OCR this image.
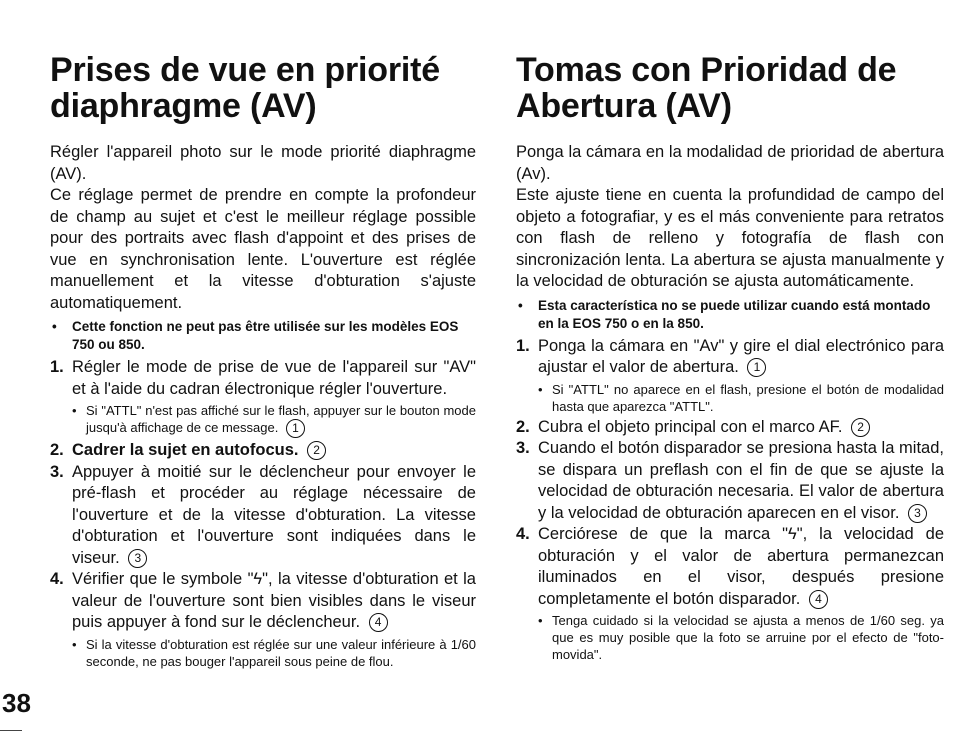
Prises de vue en priorité
diaphragme (AV)

Régler l'appareil photo sur le mode priorité diaphragme (AV).

Ce réglage permet de prendre en compte la profondeur de champ au sujet et c'est le meilleur réglage possible pour des portraits avec flash d'appoint et des prises de vue en synchronisation lente. L'ouverture est réglée manuellement et la vitesse d'obturation s'ajuste automatiquement.

• Cette fonction ne peut pas être utilisée sur les modèles EOS 750 ou 850.
1. Régler le mode de prise de vue de l'appareil sur "AV" et à l'aide du cadran électronique régler l'ouverture.
• Si "ATTL" n'est pas affiché sur le flash, appuyer sur le bouton mode jusqu'à affichage de ce message. 1
2. Cadrer la sujet en autofocus. 2
3. Appuyer à moitié sur le déclencheur pour envoyer le pré-flash et procéder au réglage nécessaire de l'ouverture et de la vitesse d'obturation. La vitesse d'obturation et l'ouverture sont indiquées dans le viseur. 3
4. Vérifier que le symbole "ϟ", la vitesse d'obturation et la valeur de l'ouverture sont bien visibles dans le viseur puis appuyer à fond sur le déclencheur. 4
• Si la vitesse d'obturation est réglée sur une valeur inférieure à 1/60 seconde, ne pas bouger l'appareil sous peine de flou.
Tomas con Prioridad de
Abertura (AV)

Ponga la cámara en la modalidad de prioridad de abertura (Av).

Este ajuste tiene en cuenta la profundidad de campo del objeto a fotografiar, y es el más conveniente para retratos con flash de relleno y fotografía de flash con sincronización lenta. La abertura se ajusta manualmente y la velocidad de obturación se ajusta automáticamente.

• Esta característica no se puede utilizar cuando está montado en la EOS 750 o en la 850.
1. Ponga la cámara en "Av" y gire el dial electrónico para ajustar el valor de abertura. 1
• Si "ATTL" no aparece en el flash, presione el botón de modalidad hasta que aparezca "ATTL".
2. Cubra el objeto principal con el marco AF. 2
3. Cuando el botón disparador se presiona hasta la mitad, se dispara un preflash con el fin de que se ajuste la velocidad de obturación necesaria. El valor de abertura y la velocidad de obturación aparecen en el visor. 3
4. Cerciórese de que la marca "ϟ", la velocidad de obturación y el valor de abertura permanezcan iluminados en el visor, después presione completamente el botón disparador. 4
• Tenga cuidado si la velocidad se ajusta a menos de 1/60 seg. ya que es muy posible que la foto se arruine por el efecto de "foto-movida".
38
